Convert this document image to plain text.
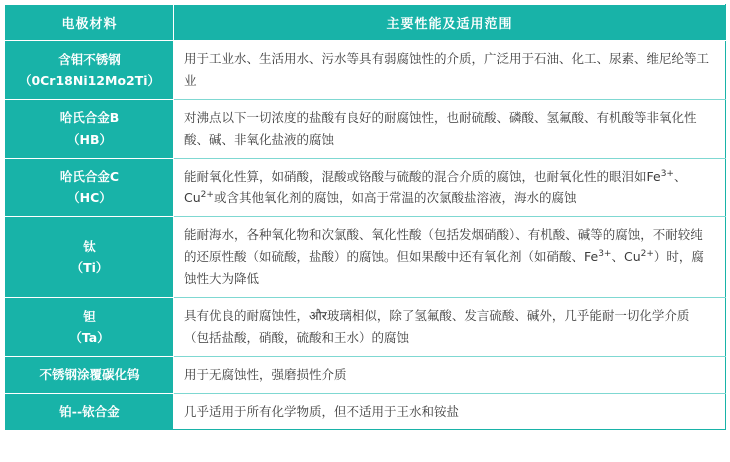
电极材料	主要性能及适用范围

含钼不锈钢
（0Cr18Ni12Mo2Ti）	用于工业水、生活用水、污水等具有弱腐蚀性的介质，广泛用于石油、化工、尿素、维尼纶等工业

哈氏合金B
（HB）	对沸点以下一切浓度的盐酸有良好的耐腐蚀性，也耐硫酸、磷酸、氢氟酸、有机酸等非氧化性酸、碱、非氧化盐液的腐蚀

哈氏合金C
（HC）	能耐氧化性算，如硝酸，混酸或铬酸与硫酸的混合介质的腐蚀，也耐氧化性的眼泪如$Fe^{3+}$、$Cu^{2+}$或含其他氧化剂的腐蚀，如高于常温的次氯酸盐溶液，海水的腐蚀

钛
（Ti）	能耐海水，各种氧化物和次氯酸、氧化性酸（包括发烟硝酸）、有机酸、碱等的腐蚀，不耐较纯的还原性酸（如硫酸，盐酸）的腐蚀。但如果酸中还有氧化剂（如硝酸、$Fe^{3+}$、$Cu^{2+}$）时，腐蚀性大为降低

钽
（Ta）	具有优良的耐腐蚀性，और玻璃相似，除了氢氟酸、发言硫酸、碱外，几乎能耐一切化学介质（包括盐酸，硝酸，硫酸和王水）的腐蚀

不锈钢涂覆碳化钨	用于无腐蚀性，强磨损性介质

铂--铱合金	几乎适用于所有化学物质，但不适用于王水和铵盐
